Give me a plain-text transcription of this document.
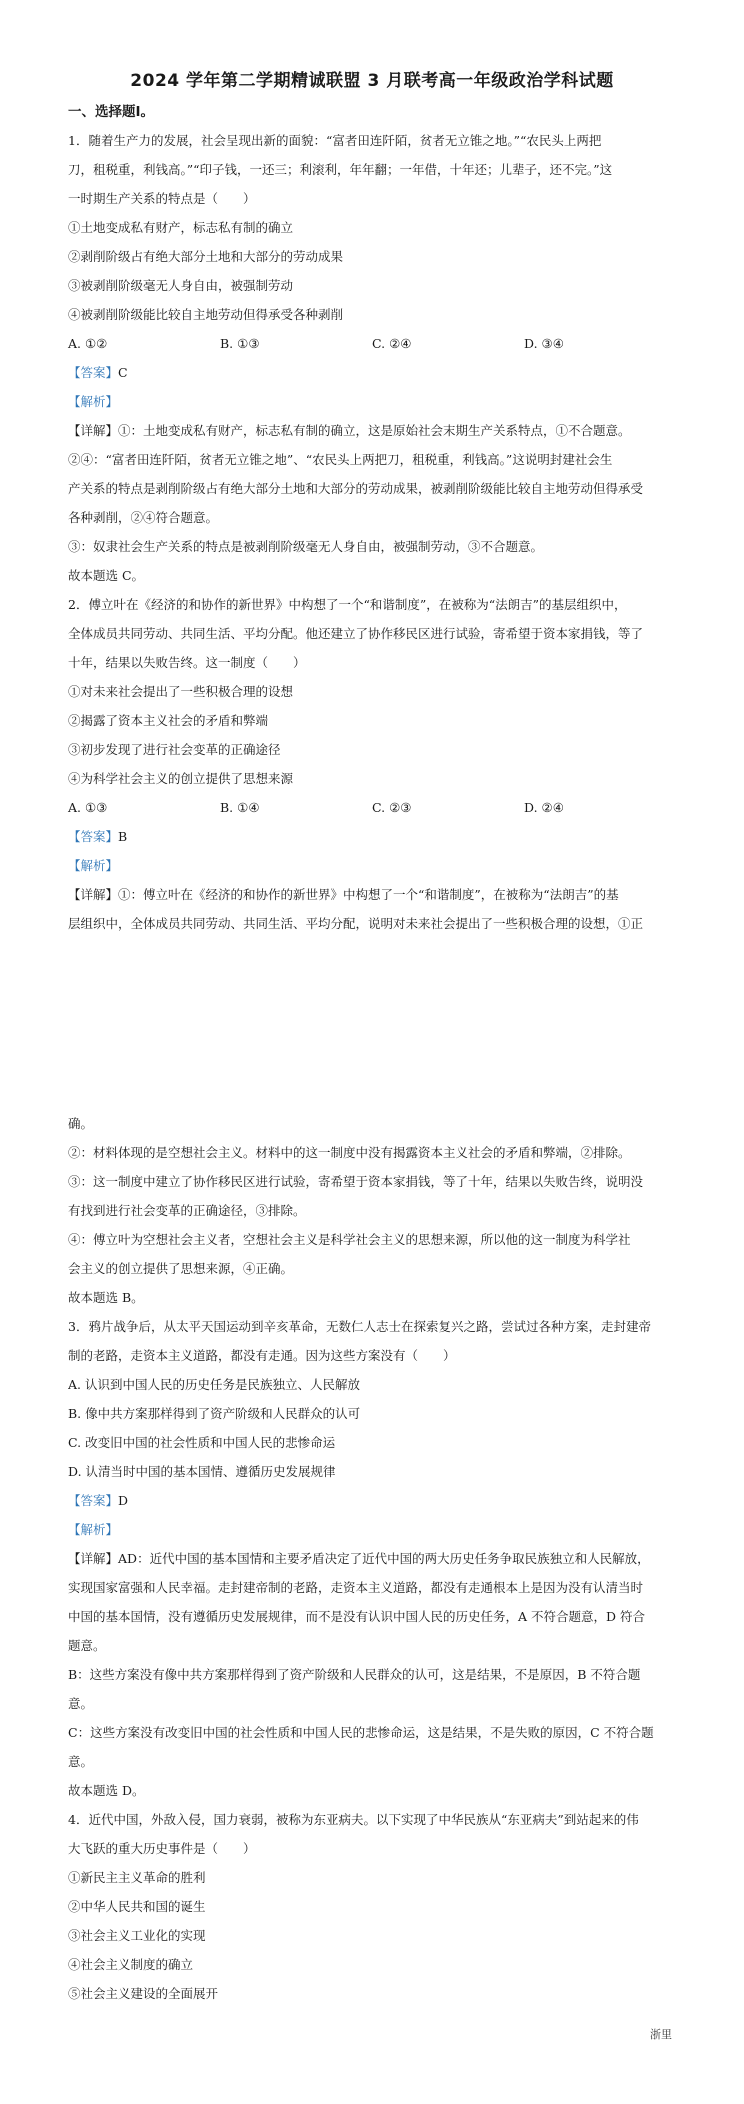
2024 学年第二学期精诚联盟 3 月联考高一年级政治学科试题
一、选择题Ⅰ。
1．随着生产力的发展，社会呈现出新的面貌：“富者田连阡陌，贫者无立锥之地。”“农民头上两把
刀，租税重，利钱高。”“印子钱，一还三；利滚利，年年翻；一年借，十年还；儿辈子，还不完。”这
一时期生产关系的特点是（　　）
①土地变成私有财产，标志私有制的确立
②剥削阶级占有绝大部分土地和大部分的劳动成果
③被剥削阶级毫无人身自由，被强制劳动
④被剥削阶级能比较自主地劳动但得承受各种剥削
A. ①②	B. ①③	C. ②④	D. ③④
【答案】C
【解析】
【详解】①：土地变成私有财产，标志私有制的确立，这是原始社会末期生产关系特点，①不合题意。
②④：“富者田连阡陌，贫者无立锥之地”、“农民头上两把刀，租税重，利钱高。”这说明封建社会生
产关系的特点是剥削阶级占有绝大部分土地和大部分的劳动成果，被剥削阶级能比较自主地劳动但得承受
各种剥削，②④符合题意。
③：奴隶社会生产关系的特点是被剥削阶级毫无人身自由，被强制劳动，③不合题意。
故本题选 C。
2．傅立叶在《经济的和协作的新世界》中构想了一个“和谐制度”，在被称为“法朗吉”的基层组织中，
全体成员共同劳动、共同生活、平均分配。他还建立了协作移民区进行试验，寄希望于资本家捐钱，等了
十年，结果以失败告终。这一制度（　　）
①对未来社会提出了一些积极合理的设想
②揭露了资本主义社会的矛盾和弊端
③初步发现了进行社会变革的正确途径
④为科学社会主义的创立提供了思想来源
A. ①③	B. ①④	C. ②③	D. ②④
【答案】B
【解析】
【详解】①：傅立叶在《经济的和协作的新世界》中构想了一个“和谐制度”，在被称为“法朗吉”的基
层组织中，全体成员共同劳动、共同生活、平均分配，说明对未来社会提出了一些积极合理的设想，①正
确。
②：材料体现的是空想社会主义。材料中的这一制度中没有揭露资本主义社会的矛盾和弊端，②排除。
③：这一制度中建立了协作移民区进行试验，寄希望于资本家捐钱，等了十年，结果以失败告终，说明没
有找到进行社会变革的正确途径，③排除。
④：傅立叶为空想社会主义者，空想社会主义是科学社会主义的思想来源，所以他的这一制度为科学社
会主义的创立提供了思想来源，④正确。
故本题选 B。
3．鸦片战争后，从太平天国运动到辛亥革命，无数仁人志士在探索复兴之路，尝试过各种方案，走封建帝
制的老路，走资本主义道路，都没有走通。因为这些方案没有（　　）
A. 认识到中国人民的历史任务是民族独立、人民解放
B. 像中共方案那样得到了资产阶级和人民群众的认可
C. 改变旧中国的社会性质和中国人民的悲惨命运
D. 认清当时中国的基本国情、遵循历史发展规律
【答案】D
【解析】
【详解】AD：近代中国的基本国情和主要矛盾决定了近代中国的两大历史任务争取民族独立和人民解放，
实现国家富强和人民幸福。走封建帝制的老路，走资本主义道路，都没有走通根本上是因为没有认清当时
中国的基本国情，没有遵循历史发展规律，而不是没有认识中国人民的历史任务，A 不符合题意，D 符合
题意。
B：这些方案没有像中共方案那样得到了资产阶级和人民群众的认可，这是结果，不是原因，B 不符合题
意。
C：这些方案没有改变旧中国的社会性质和中国人民的悲惨命运，这是结果，不是失败的原因，C 不符合题
意。
故本题选 D。
4．近代中国，外敌入侵，国力衰弱，被称为东亚病夫。以下实现了中华民族从“东亚病夫”到站起来的伟
大飞跃的重大历史事件是（　　）
①新民主主义革命的胜利
②中华人民共和国的诞生
③社会主义工业化的实现
④社会主义制度的确立
⑤社会主义建设的全面展开
浙里
